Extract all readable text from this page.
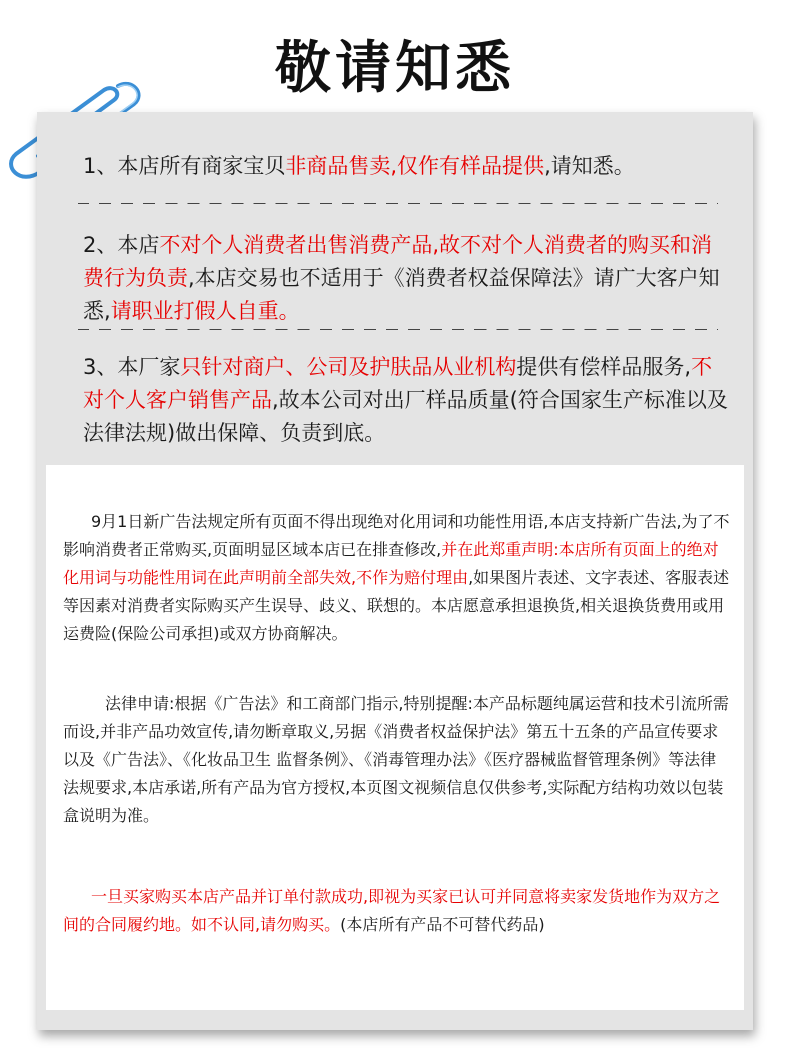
敬请知悉
1、本店所有商家宝贝非商品售卖,仅作有样品提供,请知悉。
2、本店不对个人消费者出售消费产品,故不对个人消费者的购买和消费行为负责,本店交易也不适用于《消费者权益保障法》请广大客户知悉,请职业打假人自重。
3、本厂家只针对商户、公司及护肤品从业机构提供有偿样品服务,不对个人客户销售产品,故本公司对出厂样品质量(符合国家生产标准以及法律法规)做出保障、负责到底。

9月1日新广告法规定所有页面不得出现绝对化用词和功能性用语,本店支持新广告法,为了不影响消费者正常购买,页面明显区域本店已在排查修改,并在此郑重声明:本店所有页面上的绝对化用词与功能性用词在此声明前全部失效,不作为赔付理由,如果图片表述、文字表述、客服表述等因素对消费者实际购买产生误导、歧义、联想的。本店愿意承担退换货,相关退换货费用或用运费险(保险公司承担)或双方协商解决。

法律申请:根据《广告法》和工商部门指示,特别提醒:本产品标题纯属运营和技术引流所需而设,并非产品功效宣传,请勿断章取义,另据《消费者权益保护法》第五十五条的产品宣传要求以及《广告法》、《化妆品卫生 监督条例》、《消毒管理办法》《医疗器械监督管理条例》等法律法规要求,本店承诺,所有产品为官方授权,本页图文视频信息仅供参考,实际配方结构功效以包装盒说明为准。

一旦买家购买本店产品并订单付款成功,即视为买家已认可并同意将卖家发货地作为双方之间的合同履约地。如不认同,请勿购买。(本店所有产品不可替代药品)
